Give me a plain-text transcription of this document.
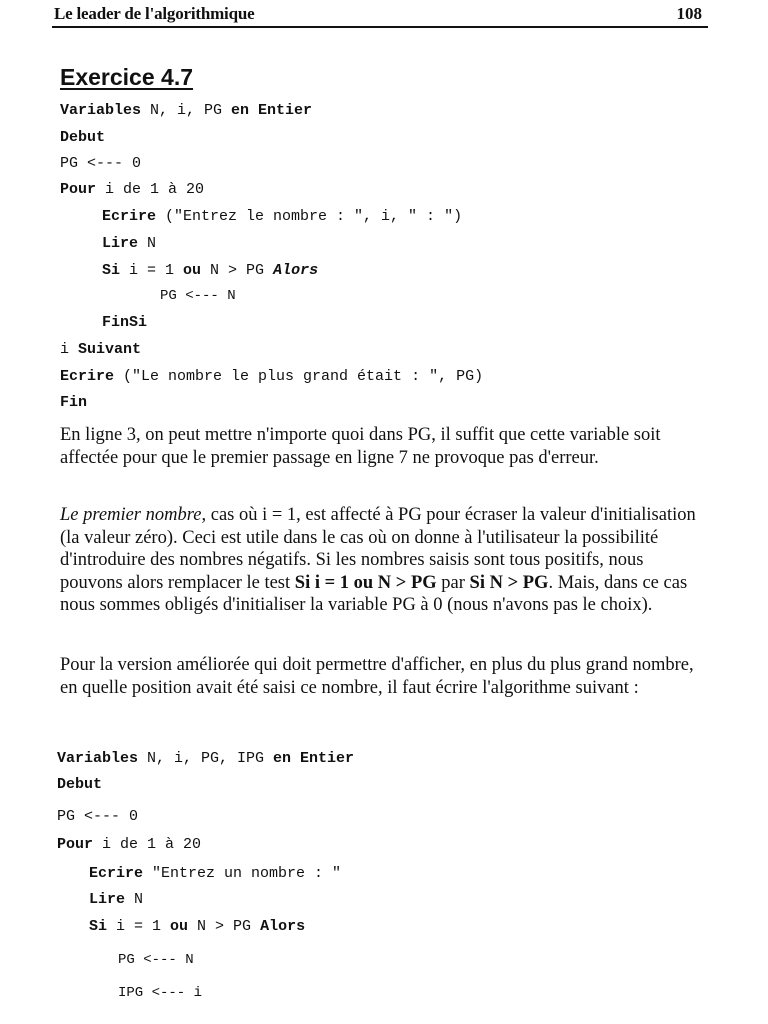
Le leader de l'algorithmique	108
Exercice 4.7
Variables N, i, PG en Entier
Debut
PG <--- 0
Pour i de 1 à 20
Ecrire ("Entrez le nombre : ", i, " : ")
Lire N
Si i = 1 ou N > PG Alors
PG <--- N
FinSi
i Suivant
Ecrire ("Le nombre le plus grand était : ", PG)
Fin
En ligne 3, on peut mettre n'importe quoi dans PG, il suffit que cette variable soit affectée pour que le premier passage en ligne 7 ne provoque pas d'erreur.
Le premier nombre, cas où i = 1, est affecté à PG pour écraser la valeur d'initialisation (la valeur zéro). Ceci est utile dans le cas où on donne à l'utilisateur la possibilité d'introduire des nombres négatifs. Si les nombres saisis sont tous positifs, nous pouvons alors remplacer le test Si i = 1 ou N > PG par Si N > PG. Mais, dans ce cas nous sommes obligés d'initialiser la variable PG à 0 (nous n'avons pas le choix).
Pour la version améliorée qui doit permettre d'afficher, en plus du plus grand nombre, en quelle position avait été saisi ce nombre, il faut écrire l'algorithme suivant :
Variables N, i, PG, IPG en Entier
Debut
PG <--- 0
Pour i de 1 à 20
Ecrire "Entrez un nombre : "
Lire N
Si i = 1 ou N > PG Alors
PG <--- N
IPG <--- i
